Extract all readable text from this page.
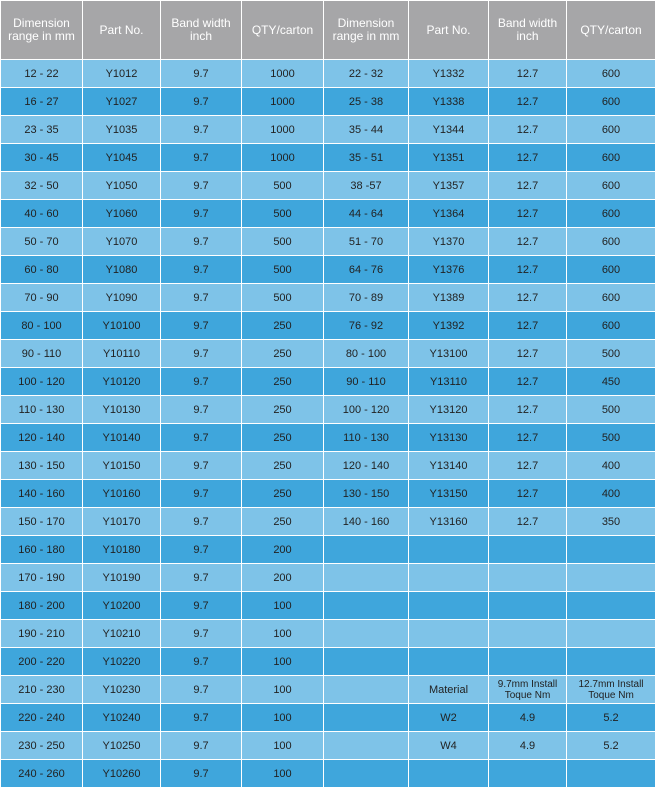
Dimension range in mm	Part No.	Band width inch	QTY/carton	Dimension range in mm	Part No.	Band width inch	QTY/carton
12 - 22	Y1012	9.7	1000	22 - 32	Y1332	12.7	600
16 - 27	Y1027	9.7	1000	25 - 38	Y1338	12.7	600
23 - 35	Y1035	9.7	1000	35 - 44	Y1344	12.7	600
30 - 45	Y1045	9.7	1000	35 - 51	Y1351	12.7	600
32 - 50	Y1050	9.7	500	38 -57	Y1357	12.7	600
40 - 60	Y1060	9.7	500	44 - 64	Y1364	12.7	600
50 - 70	Y1070	9.7	500	51 - 70	Y1370	12.7	600
60 - 80	Y1080	9.7	500	64 - 76	Y1376	12.7	600
70 - 90	Y1090	9.7	500	70 - 89	Y1389	12.7	600
80 - 100	Y10100	9.7	250	76 - 92	Y1392	12.7	600
90 - 110	Y10110	9.7	250	80 - 100	Y13100	12.7	500
100 - 120	Y10120	9.7	250	90 - 110	Y13110	12.7	450
110 - 130	Y10130	9.7	250	100 - 120	Y13120	12.7	500
120 - 140	Y10140	9.7	250	110 - 130	Y13130	12.7	500
130 - 150	Y10150	9.7	250	120 - 140	Y13140	12.7	400
140 - 160	Y10160	9.7	250	130 - 150	Y13150	12.7	400
150 - 170	Y10170	9.7	250	140 - 160	Y13160	12.7	350
160 - 180	Y10180	9.7	200				
170 - 190	Y10190	9.7	200				
180 - 200	Y10200	9.7	100				
190 - 210	Y10210	9.7	100				
200 - 220	Y10220	9.7	100				
210 - 230	Y10230	9.7	100		Material	9.7mm Install Toque Nm	12.7mm Install Toque Nm
220 - 240	Y10240	9.7	100		W2	4.9	5.2
230 - 250	Y10250	9.7	100		W4	4.9	5.2
240 - 260	Y10260	9.7	100				
